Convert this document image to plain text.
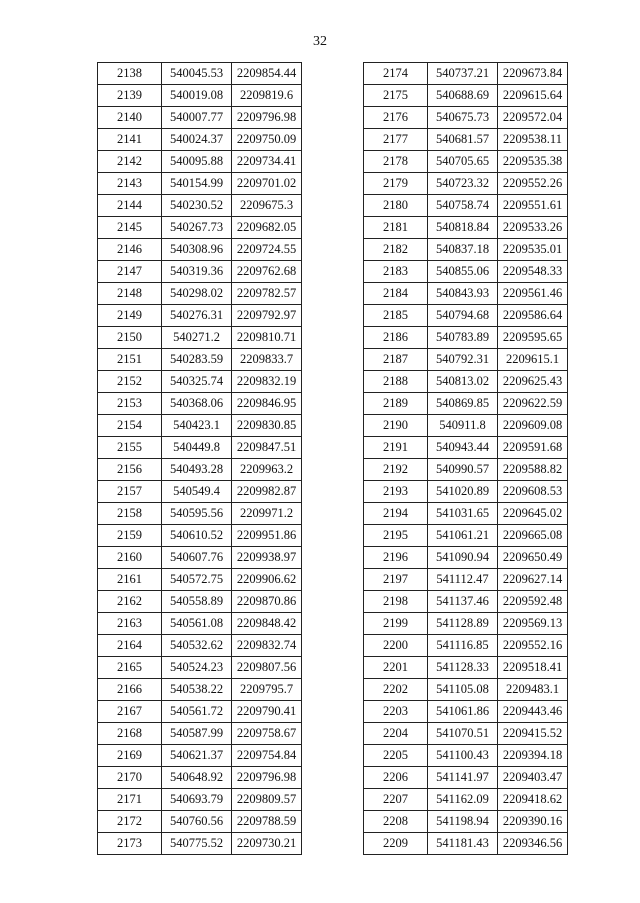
32
2138	540045.53	2209854.44
2139	540019.08	2209819.6
2140	540007.77	2209796.98
2141	540024.37	2209750.09
2142	540095.88	2209734.41
2143	540154.99	2209701.02
2144	540230.52	2209675.3
2145	540267.73	2209682.05
2146	540308.96	2209724.55
2147	540319.36	2209762.68
2148	540298.02	2209782.57
2149	540276.31	2209792.97
2150	540271.2	2209810.71
2151	540283.59	2209833.7
2152	540325.74	2209832.19
2153	540368.06	2209846.95
2154	540423.1	2209830.85
2155	540449.8	2209847.51
2156	540493.28	2209963.2
2157	540549.4	2209982.87
2158	540595.56	2209971.2
2159	540610.52	2209951.86
2160	540607.76	2209938.97
2161	540572.75	2209906.62
2162	540558.89	2209870.86
2163	540561.08	2209848.42
2164	540532.62	2209832.74
2165	540524.23	2209807.56
2166	540538.22	2209795.7
2167	540561.72	2209790.41
2168	540587.99	2209758.67
2169	540621.37	2209754.84
2170	540648.92	2209796.98
2171	540693.79	2209809.57
2172	540760.56	2209788.59
2173	540775.52	2209730.21
2174	540737.21	2209673.84
2175	540688.69	2209615.64
2176	540675.73	2209572.04
2177	540681.57	2209538.11
2178	540705.65	2209535.38
2179	540723.32	2209552.26
2180	540758.74	2209551.61
2181	540818.84	2209533.26
2182	540837.18	2209535.01
2183	540855.06	2209548.33
2184	540843.93	2209561.46
2185	540794.68	2209586.64
2186	540783.89	2209595.65
2187	540792.31	2209615.1
2188	540813.02	2209625.43
2189	540869.85	2209622.59
2190	540911.8	2209609.08
2191	540943.44	2209591.68
2192	540990.57	2209588.82
2193	541020.89	2209608.53
2194	541031.65	2209645.02
2195	541061.21	2209665.08
2196	541090.94	2209650.49
2197	541112.47	2209627.14
2198	541137.46	2209592.48
2199	541128.89	2209569.13
2200	541116.85	2209552.16
2201	541128.33	2209518.41
2202	541105.08	2209483.1
2203	541061.86	2209443.46
2204	541070.51	2209415.52
2205	541100.43	2209394.18
2206	541141.97	2209403.47
2207	541162.09	2209418.62
2208	541198.94	2209390.16
2209	541181.43	2209346.56
